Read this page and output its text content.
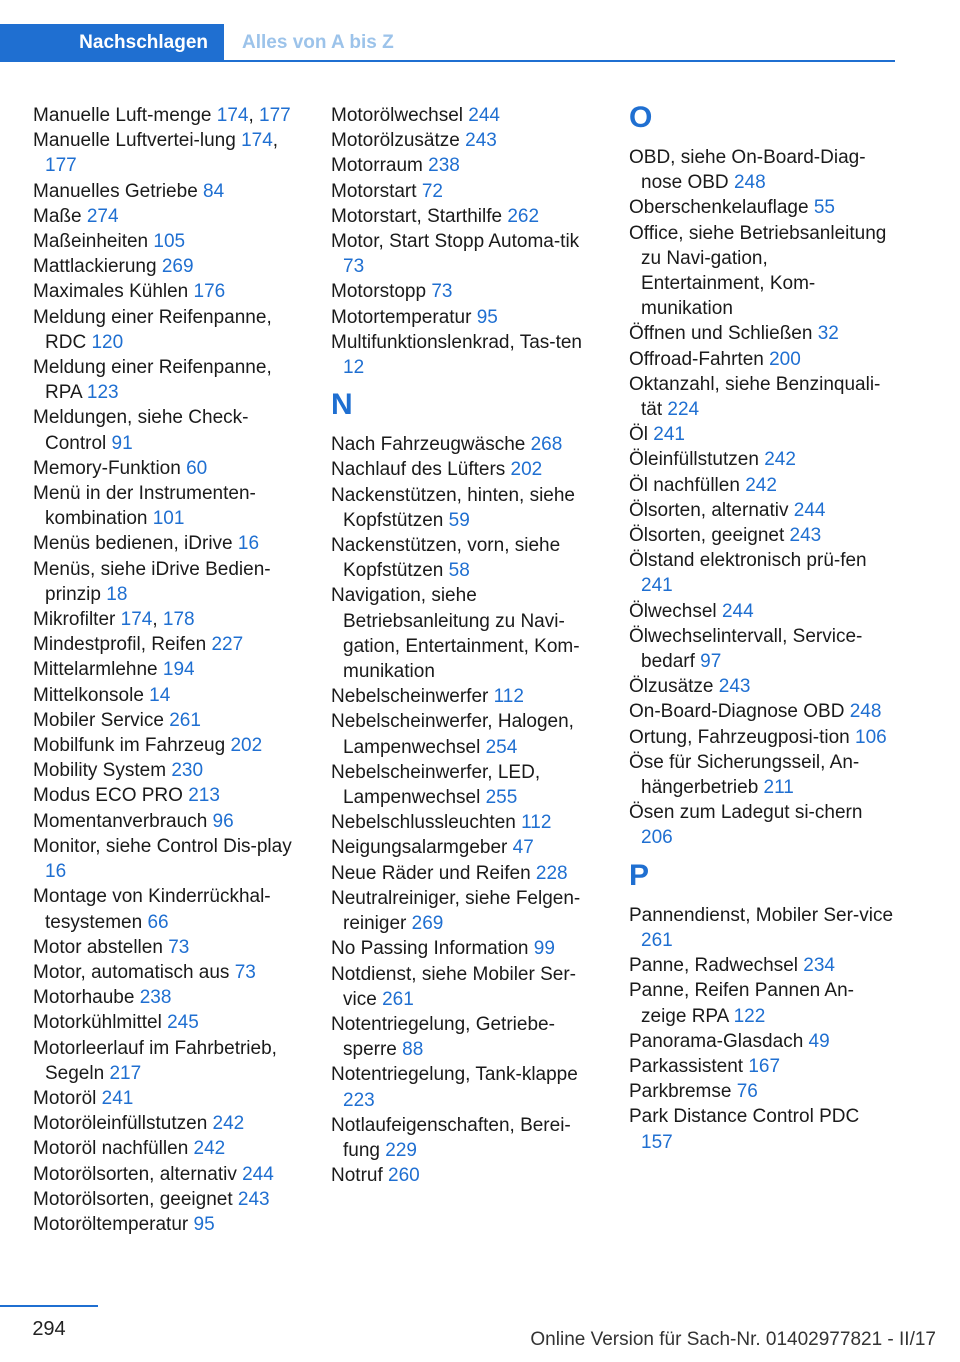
Nachschlagen	Alles von A bis Z
Manuelle Luft-menge 174, 177
Manuelle Luftvertei-lung 174, 177
Manuelles Getriebe 84
Maße 274
Maßeinheiten 105
Mattlackierung 269
Maximales Kühlen 176
Meldung einer Reifenpanne, RDC 120
Meldung einer Reifenpanne, RPA 123
Meldungen, siehe Check-Control 91
Memory-Funktion 60
Menü in der Instrumenten-kombination 101
Menüs bedienen, iDrive 16
Menüs, siehe iDrive Bedien-prinzip 18
Mikrofilter 174, 178
Mindestprofil, Reifen 227
Mittelarmlehne 194
Mittelkonsole 14
Mobiler Service 261
Mobilfunk im Fahrzeug 202
Mobility System 230
Modus ECO PRO 213
Momentanverbrauch 96
Monitor, siehe Control Dis-play 16
Montage von Kinderrückhal-tesystemen 66
Motor abstellen 73
Motor, automatisch aus 73
Motorhaube 238
Motorkühlmittel 245
Motorleerlauf im Fahrbetrieb, Segeln 217
Motoröl 241
Motoröleinfüllstutzen 242
Motoröl nachfüllen 242
Motorölsorten, alternativ 244
Motorölsorten, geeignet 243
Motoröltemperatur 95
Motorölwechsel 244
Motorölzusätze 243
Motorraum 238
Motorstart 72
Motorstart, Starthilfe 262
Motor, Start Stopp Automa-tik 73
Motorstopp 73
Motortemperatur 95
Multifunktionslenkrad, Tas-ten 12
N
Nach Fahrzeugwäsche 268
Nachlauf des Lüfters 202
Nackenstützen, hinten, siehe Kopfstützen 59
Nackenstützen, vorn, siehe Kopfstützen 58
Navigation, siehe Betriebsanleitung zu Navi-gation, Entertainment, Kom-munikation
Nebelscheinwerfer 112
Nebelscheinwerfer, Halogen, Lampenwechsel 254
Nebelscheinwerfer, LED, Lampenwechsel 255
Nebelschlussleuchten 112
Neigungsalarmgeber 47
Neue Räder und Reifen 228
Neutralreiniger, siehe Felgen-reiniger 269
No Passing Information 99
Notdienst, siehe Mobiler Ser-vice 261
Notentriegelung, Getriebe-sperre 88
Notentriegelung, Tank-klappe 223
Notlaufeigenschaften, Berei-fung 229
Notruf 260
O
OBD, siehe On-Board-Diag-nose OBD 248
Oberschenkelauflage 55
Office, siehe Betriebsanleitung zu Navi-gation, Entertainment, Kom-munikation
Öffnen und Schließen 32
Offroad-Fahrten 200
Oktanzahl, siehe Benzinquali-tät 224
Öl 241
Öleinfüllstutzen 242
Öl nachfüllen 242
Ölsorten, alternativ 244
Ölsorten, geeignet 243
Ölstand elektronisch prü-fen 241
Ölwechsel 244
Ölwechselintervall, Service-bedarf 97
Ölzusätze 243
On-Board-Diagnose OBD 248
Ortung, Fahrzeugposi-tion 106
Öse für Sicherungsseil, An-hängerbetrieb 211
Ösen zum Ladegut si-chern 206
P
Pannendienst, Mobiler Ser-vice 261
Panne, Radwechsel 234
Panne, Reifen Pannen An-zeige RPA 122
Panorama-Glasdach 49
Parkassistent 167
Parkbremse 76
Park Distance Control PDC 157
294	Online Version für Sach-Nr. 01402977821 - II/17
